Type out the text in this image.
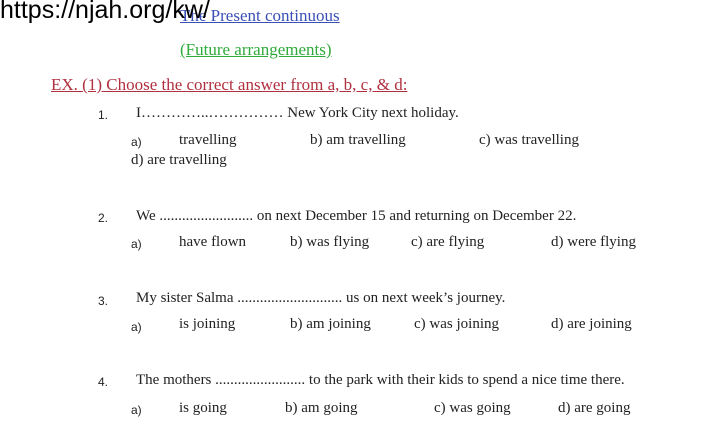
https://njah.org/kw/
The Present continuous
(Future arrangements)
EX. (1) Choose the correct answer from a, b, c, & d:
1. I…………..…………… New York City next holiday.
a) travelling	b) am travelling	c) was travelling
d) are travelling
2. We ......................... on next December 15 and returning on December 22.
a) have flown	b) was flying	c) are flying	d) were flying
3. My sister Salma ............................ us on next week’s journey.
a) is joining	b) am joining	c) was joining	d) are joining
4. The mothers ........................ to the park with their kids to spend a nice time there.
a) is going	b) am going	c) was going	d) are going
